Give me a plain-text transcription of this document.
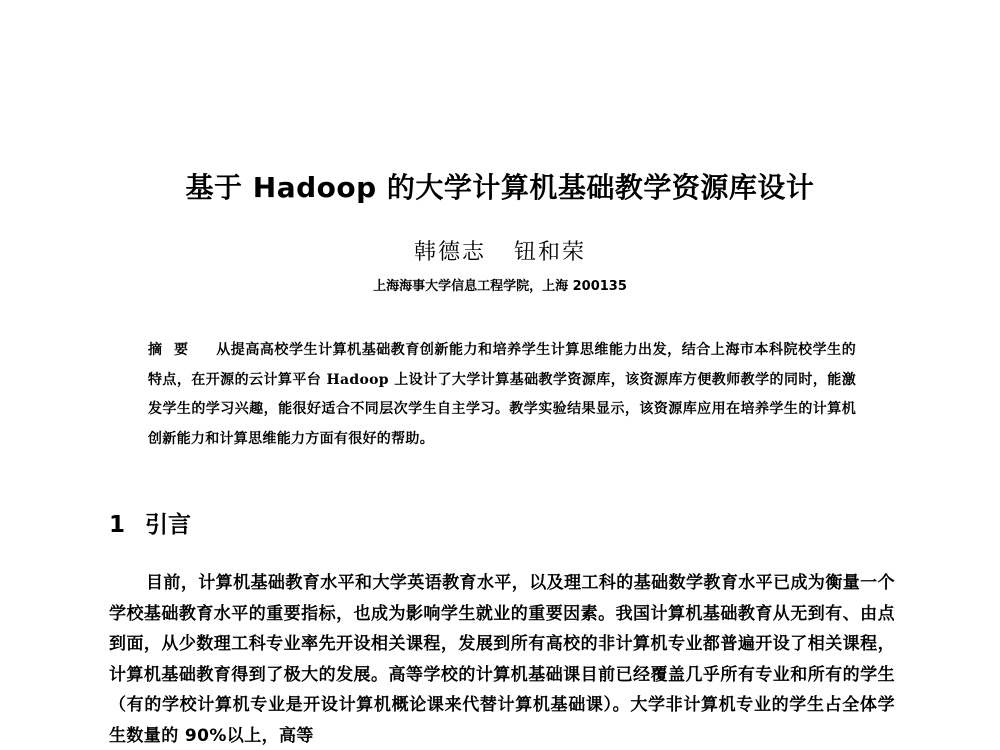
基于 Hadoop 的大学计算机基础教学资源库设计
韩德志 钮和荣
上海海事大学信息工程学院，上海 200135
摘要 从提高高校学生计算机基础教育创新能力和培养学生计算思维能力出发，结合上海市本科院校学生的特点，在开源的云计算平台 Hadoop 上设计了大学计算基础教学资源库，该资源库方便教师教学的同时，能激发学生的学习兴趣，能很好适合不同层次学生自主学习。教学实验结果显示，该资源库应用在培养学生的计算机创新能力和计算思维能力方面有很好的帮助。
1 引言

目前，计算机基础教育水平和大学英语教育水平，以及理工科的基础数学教育水平已成为衡量一个学校基础教育水平的重要指标，也成为影响学生就业的重要因素。我国计算机基础教育从无到有、由点到面，从少数理工科专业率先开设相关课程，发展到所有高校的非计算机专业都普遍开设了相关课程，计算机基础教育得到了极大的发展。高等学校的计算机基础课目前已经覆盖几乎所有专业和所有的学生（有的学校计算机专业是开设计算机概论课来代替计算机基础课）。大学非计算机专业的学生占全体学生数量的 90%以上，高等
